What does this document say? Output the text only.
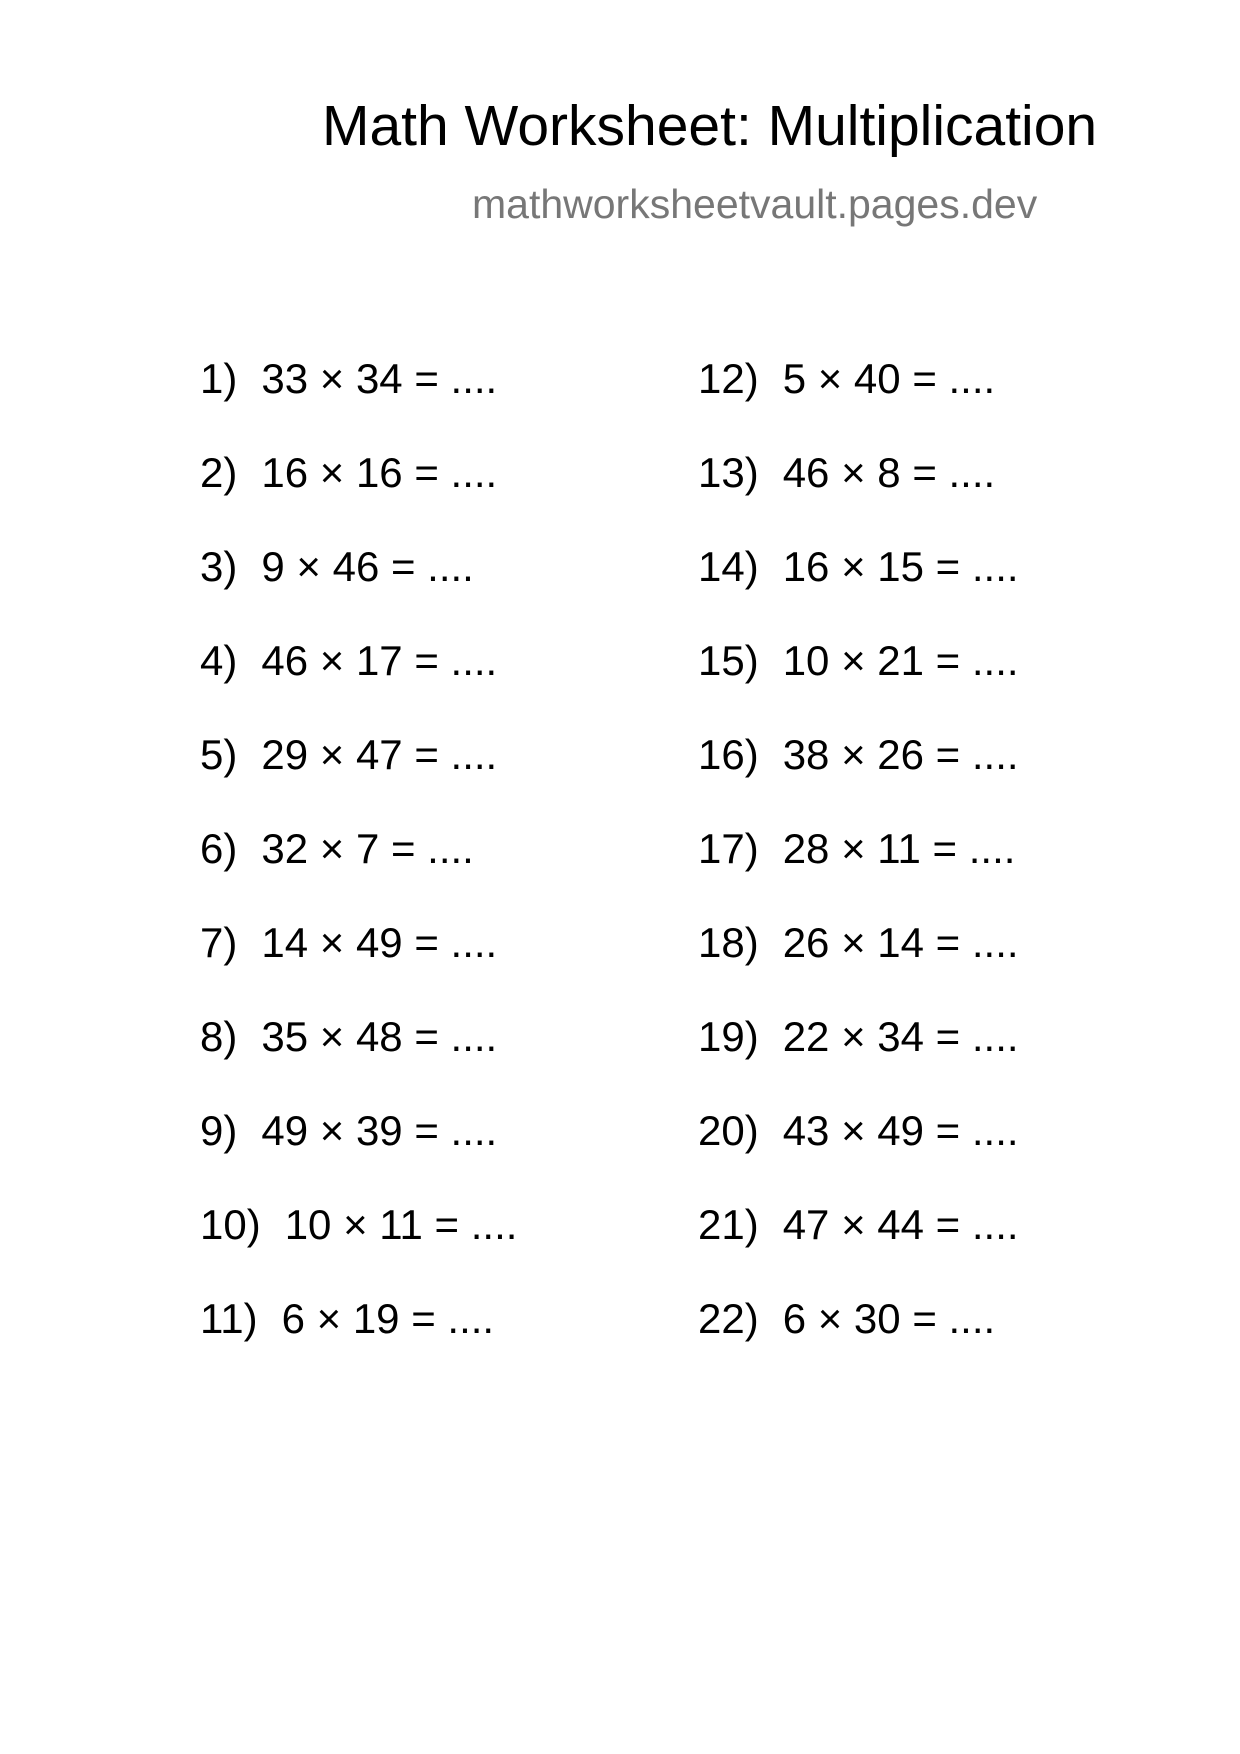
Math Worksheet: Multiplication
mathworksheetvault.pages.dev
1) 33 × 34 = ....
2) 16 × 16 = ....
3) 9 × 46 = ....
4) 46 × 17 = ....
5) 29 × 47 = ....
6) 32 × 7 = ....
7) 14 × 49 = ....
8) 35 × 48 = ....
9) 49 × 39 = ....
10) 10 × 11 = ....
11) 6 × 19 = ....
12) 5 × 40 = ....
13) 46 × 8 = ....
14) 16 × 15 = ....
15) 10 × 21 = ....
16) 38 × 26 = ....
17) 28 × 11 = ....
18) 26 × 14 = ....
19) 22 × 34 = ....
20) 43 × 49 = ....
21) 47 × 44 = ....
22) 6 × 30 = ....
